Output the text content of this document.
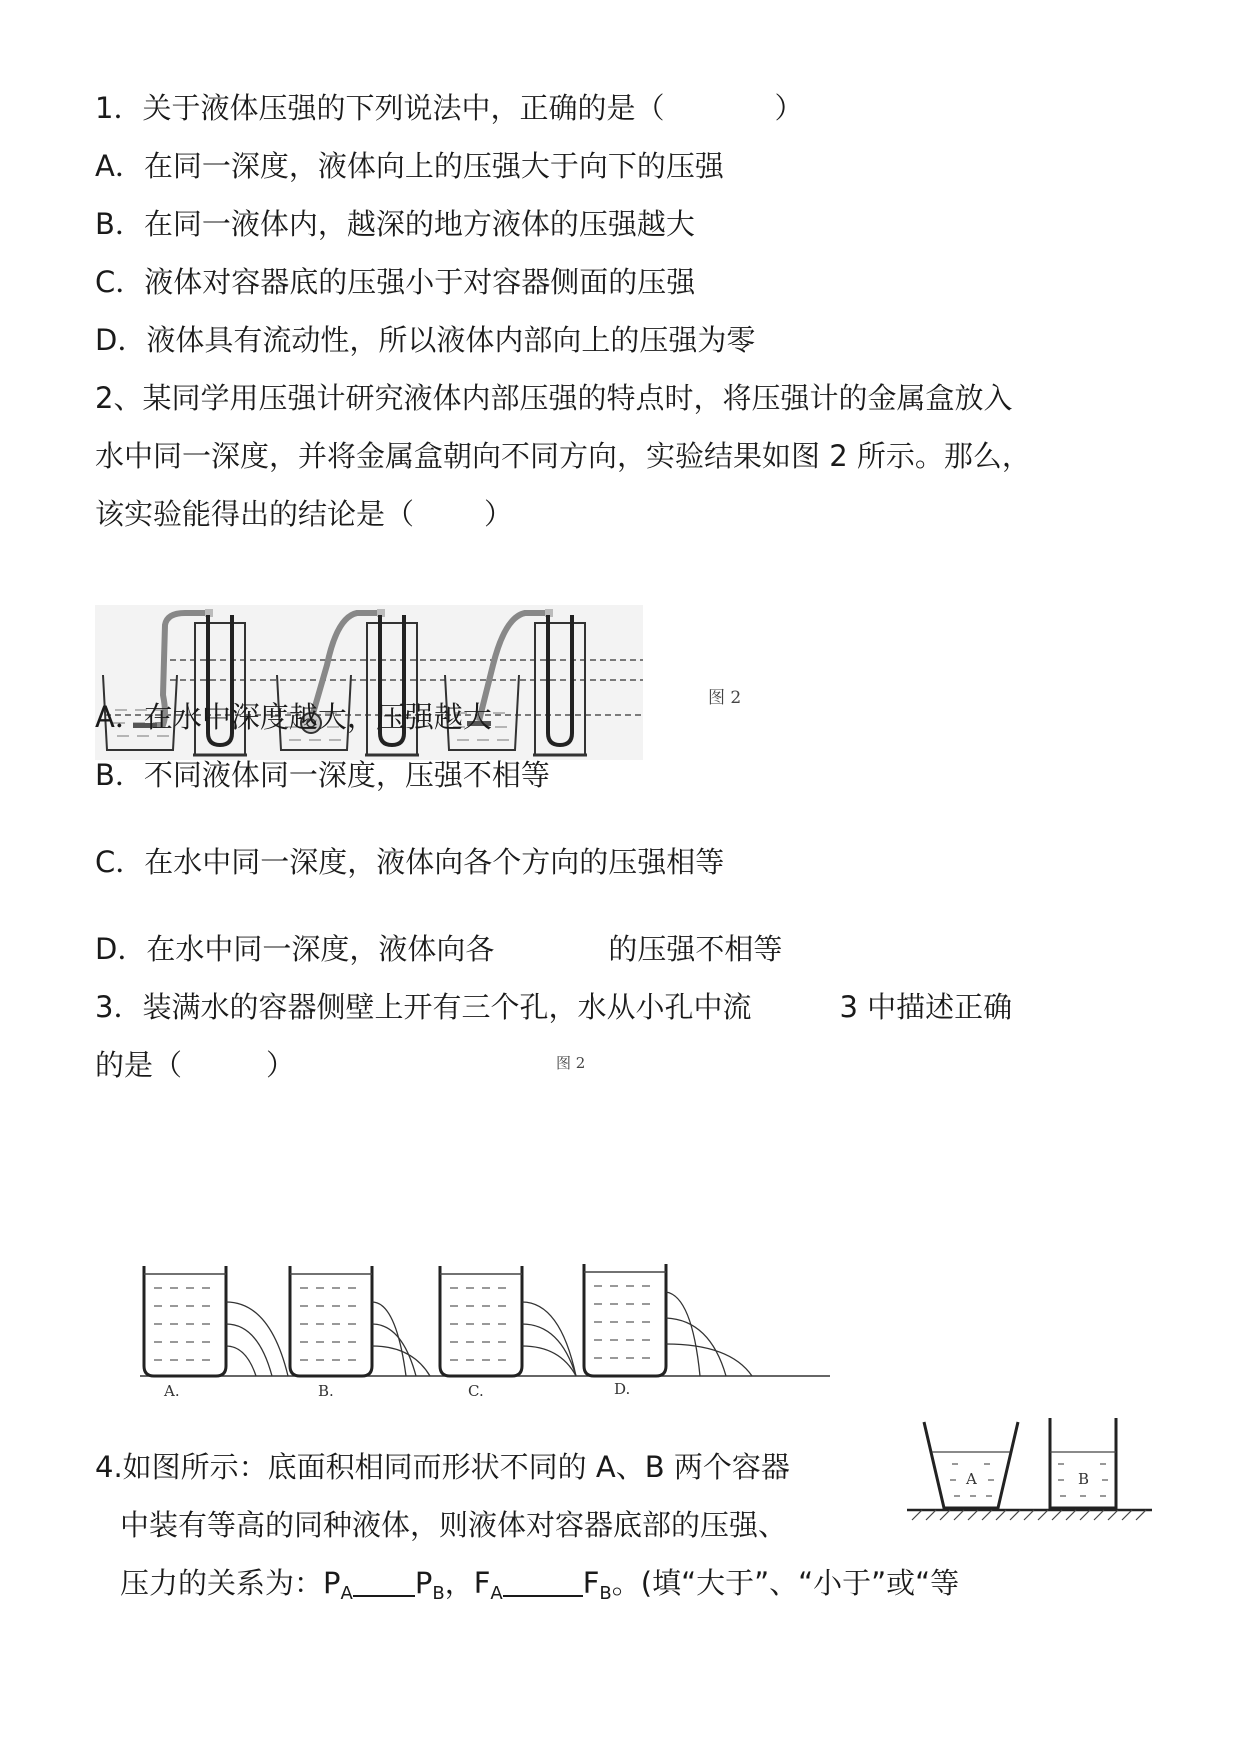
1．关于液体压强的下列说法中，正确的是（	）
A．在同一深度，液体向上的压强大于向下的压强
B．在同一液体内，越深的地方液体的压强越大
C．液体对容器底的压强小于对容器侧面的压强
D．液体具有流动性，所以液体内部向上的压强为零
2、某同学用压强计研究液体内部压强的特点时，将压强计的金属盒放入
水中同一深度，并将金属盒朝向不同方向，实验结果如图 2 所示。那么，
该实验能得出的结论是（ ）
图 2
A．在水中深度越大，压强越大
B．不同液体同一深度，压强不相等
C．在水中同一深度，液体向各个方向的压强相等
D．在水中同一深度，液体向各	的压强不相等
图 2
3．装满水的容器侧壁上开有三个孔，水从小孔中流	3 中描述正确
的是（	）
A.	B.	C.	D.
4.如图所示：底面积相同而形状不同的 A、B 两个容器
中装有等高的同种液体，则液体对容器底部的压强、
压力的关系为：$P_A$ $P_B$，$F_A$	$F_B$。(填“大于”、“小于”或“等
A	B
